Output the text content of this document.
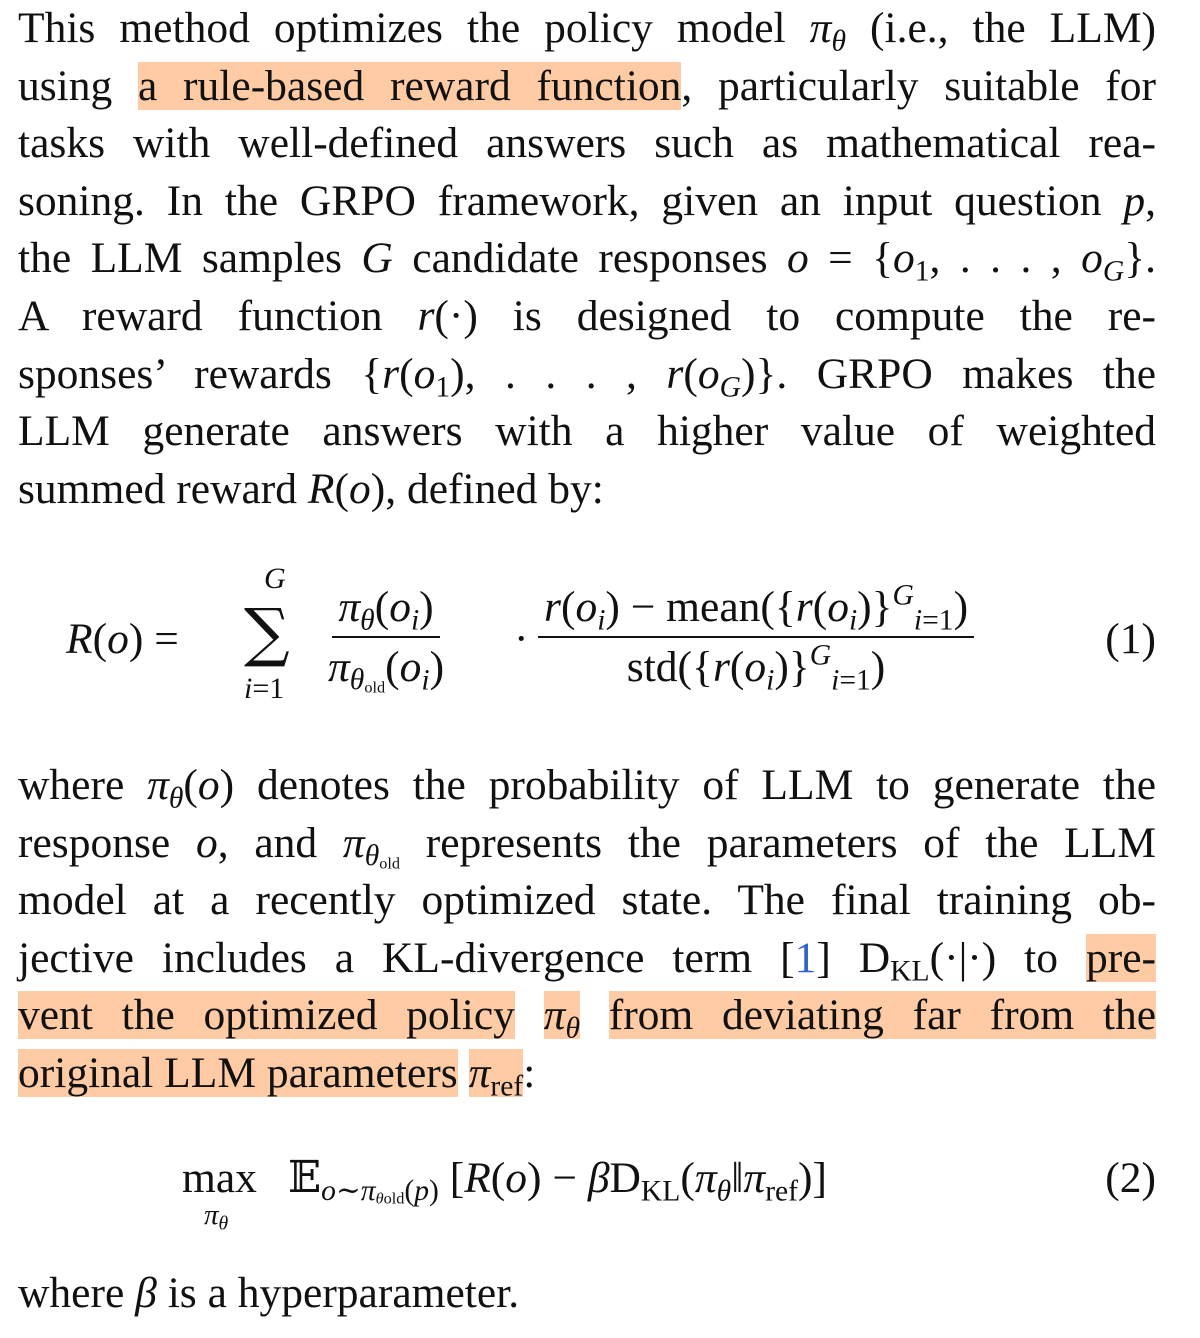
This method optimizes the policy model $\pi_\theta$ (i.e., the LLM)
using a rule-based reward function, particularly suitable for
tasks with well-defined answers such as mathematical rea-
soning. In the GRPO framework, given an input question p,
the LLM samples G candidate responses $o = \{o_1$, . . . , $o_G$}.
A reward function r(·) is designed to compute the re-
sponses’ rewards {$r(o_1)$, . . . , $r(o_G)$}. GRPO makes the
LLM generate answers with a higher value of weighted
summed reward R(o), defined by:
R(o) =
G
∑
$i=1 \frac{\pi_\theta(o_i)}{\pi_{\theta old}(o_i)} \cdot \frac{r(o_i) - mean(\{r(o_i)\}^G_{i=1})}{std(\{r(o_i)\}^G_{i=1})}$	(1)
where $\pi_\theta(o)$ denotes the probability of LLM to generate the
response o, and $\pi_{\theta old}$ represents the parameters of the LLM
model at a recently optimized state. The final training ob-
jective includes a KL-divergence term [1] $D_{KL}(\cdot|\cdot)$ to pre-
vent the optimized policy $\pi_\theta$ from deviating far from the
original LLM parameters $\pi_{ref}$:
max
$\pi_\theta$
𝔼$_{o\sim\pi\theta old(p)}$ $[R(o) - \beta D_{KL}(\pi_\theta‖\pi_{ref})]$	(2)
where β is a hyperparameter.
